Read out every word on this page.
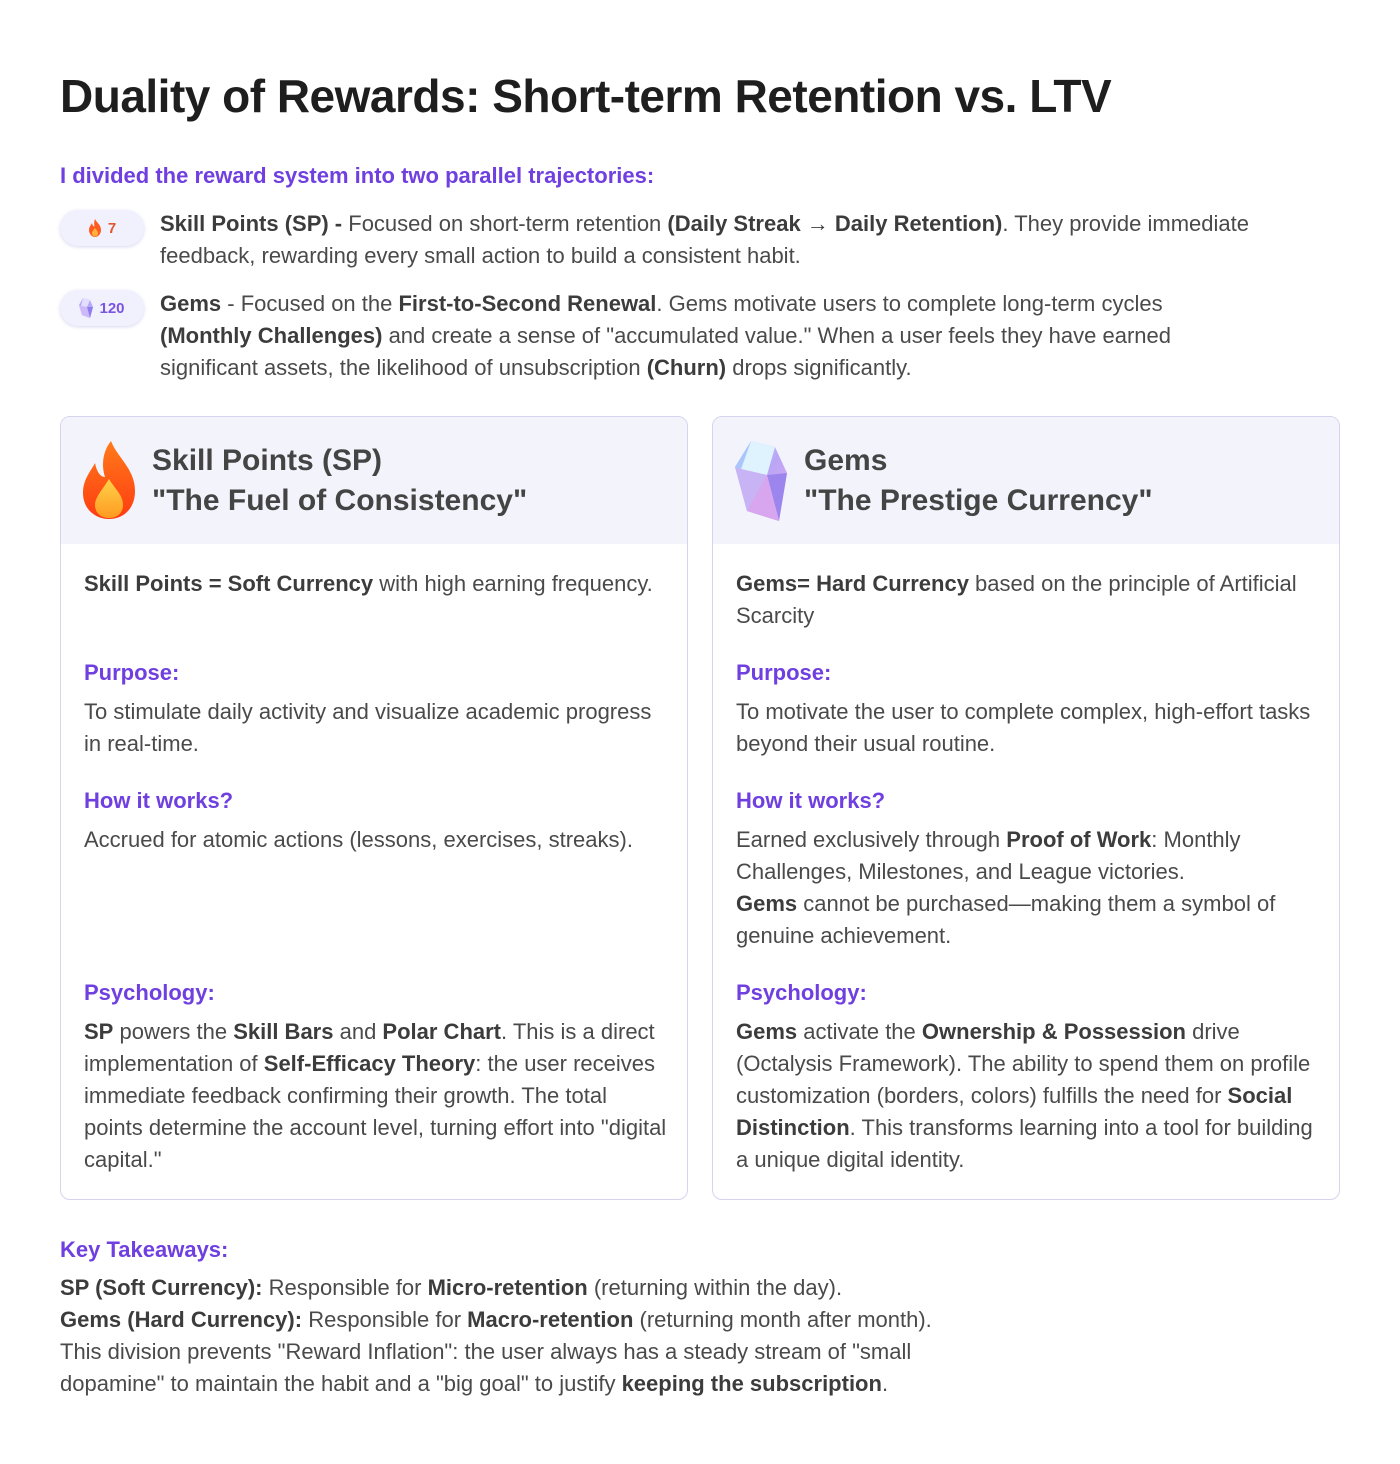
Duality of Rewards: Short-term Retention vs. LTV
I divided the reward system into two parallel trajectories:
7 Skill Points (SP) - Focused on short-term retention (Daily Streak → Daily Retention). They provide immediate feedback, rewarding every small action to build a consistent habit.
120 Gems - Focused on the First-to-Second Renewal. Gems motivate users to complete long-term cycles (Monthly Challenges) and create a sense of "accumulated value." When a user feels they have earned significant assets, the likelihood of unsubscription (Churn) drops significantly.
Skill Points (SP)
"The Fuel of Consistency"
Skill Points = Soft Currency with high earning frequency.
Purpose:
To stimulate daily activity and visualize academic progress in real-time.
How it works?
Accrued for atomic actions (lessons, exercises, streaks).
Psychology:
SP powers the Skill Bars and Polar Chart. This is a direct implementation of Self-Efficacy Theory: the user receives immediate feedback confirming their growth. The total points determine the account level, turning effort into "digital capital."
Gems
"The Prestige Currency"
Gems= Hard Currency based on the principle of Artificial Scarcity
Purpose:
To motivate the user to complete complex, high-effort tasks beyond their usual routine.
How it works?
Earned exclusively through Proof of Work: Monthly Challenges, Milestones, and League victories.
Gems cannot be purchased—making them a symbol of genuine achievement.
Psychology:
Gems activate the Ownership & Possession drive (Octalysis Framework). The ability to spend them on profile customization (borders, colors) fulfills the need for Social Distinction. This transforms learning into a tool for building a unique digital identity.
Key Takeaways:
SP (Soft Currency): Responsible for Micro-retention (returning within the day).
Gems (Hard Currency): Responsible for Macro-retention (returning month after month).
This division prevents "Reward Inflation": the user always has a steady stream of "small dopamine" to maintain the habit and a "big goal" to justify keeping the subscription.
